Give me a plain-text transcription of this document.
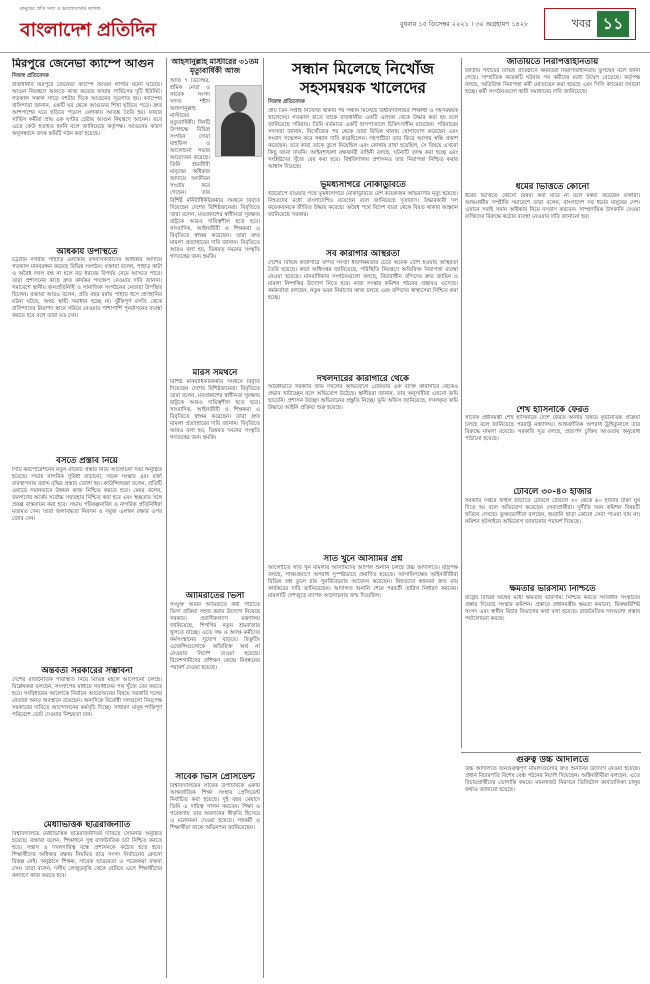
মানুষের প্রতি সত্য ও ভালোবাসার কাগজ
বাংলাদেশ প্রতিদিন	বুধবার ১৫ ডিসেম্বর ২০২১ । ৩০ অগ্রহায়ণ ১৪২৮	খবর ১১
মিরপুরে জেনেভা ক্যাম্পে আগুন
নিজস্ব প্রতিবেদক
রাজধানীর মিরপুরে জেনেভা ক্যাম্পে আগুন লাগার ঘটনা ঘটেছে। আগুন নিয়ন্ত্রণে আনতে কাজ করেছে ফায়ার সার্ভিসের দুটি ইউনিট। গতকাল সকাল সাড়ে দশটার দিকে আগুনের সূত্রপাত হয়। ক্যাম্পের বাসিন্দারা জানান, একটি ঘর থেকে আগুনের শিখা ছড়িয়ে পড়ে। দ্রুত আশপাশের ঘরে ছড়িয়ে পড়লে এলাকায় আতঙ্ক তৈরি হয়। ফায়ার সার্ভিস কর্মীরা প্রায় এক ঘণ্টার চেষ্টায় আগুন নিয়ন্ত্রণে আনেন। তবে এতে কেউ হতাহত হননি বলে জানিয়েছে কর্তৃপক্ষ। আগুনের কারণ অনুসন্ধানে তদন্ত কমিটি গঠন করা হয়েছে।
অধিকার্য উপস্থিতে
চট্টগ্রাম নগরীর পাহাড়ি এলাকায় বসবাসকারীদের অধিকার আদায়ে গতকাল মানববন্ধন করেছে বিভিন্ন সংগঠন। বক্তারা বলেন, পাহাড় কাটা ও অবৈধ দখল বন্ধ না হলে বড় ধরনের বিপর্যয় নেমে আসতে পারে। তারা প্রশাসনের কাছে দ্রুত কার্যকর পদক্ষেপ নেওয়ার দাবি জানান। সমাবেশে স্থানীয় জনপ্রতিনিধি ও সামাজিক সংগঠনের নেতারা উপস্থিত ছিলেন। বক্তারা আরও বলেন, প্রতি বছর বর্ষায় পাহাড় ধসে প্রাণহানির ঘটনা ঘটছে, অথচ স্থায়ী সমাধান হচ্ছে না। ঝুঁকিপূর্ণ বসতি থেকে বাসিন্দাদের নিরাপদ স্থানে সরিয়ে নেওয়ার পাশাপাশি পুনর্বাসনের ব্যবস্থা করতে হবে বলে তারা মত দেন।
বসতে প্রস্তাব নিয়ে
সিটি করপোরেশনের নতুন বাজেট প্রস্তাব নিয়ে আলোচনা সভা অনুষ্ঠিত হয়েছে। সভায় নাগরিক সুবিধা বাড়ানো, সড়ক সংস্কার এবং বর্জ্য ব্যবস্থাপনায় বরাদ্দ বৃদ্ধির প্রস্তাব তোলা হয়। কাউন্সিলররা বলেন, প্রতিটি ওয়ার্ডে সমানভাবে উন্নয়ন কাজ নিশ্চিত করতে হবে। মেয়র বলেন, জনগণের অর্থের সর্বোচ্চ সদ্ব্যবহার নিশ্চিত করা হবে এবং স্বচ্ছতার সঙ্গে প্রকল্প বাস্তবায়ন করা হবে। সভায় পরিকল্পনাবিদ ও নাগরিক প্রতিনিধিরা মতামত দেন। তারা জলাবদ্ধতা নিরসন ও সবুজ এলাকা রক্ষার ওপর জোর দেন।
অন্তর্বর্তী সরকারের সম্ভাবনা
দেশের রাজনৈতিক পরিস্থিতি নিয়ে বিভিন্ন মহলে আলোচনা চলছে। বিশ্লেষকরা বলছেন, সংলাপের মাধ্যমে সমাধানের পথ খুঁজে বের করতে হবে। সংবিধানের আলোকে নির্বাচন আয়োজনের বিষয়ে সরকারি দলের নেতারা অনড় অবস্থানে রয়েছেন। অন্যদিকে বিরোধী দলগুলো নিরপেক্ষ সরকারের দাবিতে আন্দোলনের কর্মসূচি দিচ্ছে। সাধারণ মানুষ শান্তিপূর্ণ পরিবেশে ভোট দেওয়ার নিশ্চয়তা চান।
মেধাভিত্তিক ছাত্ররাজনীতি
বিশ্ববিদ্যালয়ে মেধাভিত্তিক ছাত্ররাজনীতির দাবিতে সেমিনার অনুষ্ঠিত হয়েছে। বক্তারা বলেন, শিক্ষাঙ্গনে সুস্থ রাজনৈতিক চর্চা নিশ্চিত করতে হবে। সন্ত্রাস ও দখলদারিত্ব বন্ধে প্রশাসনকে কঠোর হতে হবে। শিক্ষার্থীদের অধিকার রক্ষায় নিয়মিত ছাত্র সংসদ নির্বাচনের কোনো বিকল্প নেই। অনুষ্ঠানে শিক্ষক, সাবেক ছাত্রনেতা ও গবেষকরা বক্তব্য দেন। তারা বলেন, দলীয় লেজুড়বৃত্তি থেকে বেরিয়ে এসে শিক্ষার্থীদের কল্যাণে কাজ করতে হবে।
আহসানুল্লাহ মাস্টারের ৩১তম মৃত্যুবার্ষিকী আজ
আজ ৭ ডিসেম্বর, শ্রমিক নেতা ও সাবেক সংসদ সদস্য শহীদ আহসানুল্লাহ মাস্টারের মৃত্যুবার্ষিকী। দিনটি উপলক্ষে বিভিন্ন সংগঠন দোয়া মাহফিল ও আলোচনা সভার আয়োজন করেছে। তিনি শ্রমজীবী মানুষের অধিকার আদায়ে আজীবন সংগ্রাম করে গেছেন। তার
বিশিষ্ট মানবাধিকারকর্মীর সমর্থনে বিবৃতি দিয়েছেন দেশের বিশিষ্টজনেরা। বিবৃতিতে তারা বলেন, মতপ্রকাশের স্বাধীনতা সুরক্ষায় রাষ্ট্রকে আরও দায়িত্বশীল হতে হবে। সাংবাদিক, আইনজীবী ও শিক্ষকরা এ বিবৃতিতে স্বাক্ষর করেছেন। তারা দ্রুত মামলা প্রত্যাহারের দাবি জানান। বিবৃতিতে আরও বলা হয়, ভিন্নমত দমনের সংস্কৃতি গণতন্ত্রের জন্য হুমকি।
মরিস সমর্থনে
বিশিষ্ট মানবাধিকারকর্মীর সমর্থনে বিবৃতি দিয়েছেন দেশের বিশিষ্টজনেরা। বিবৃতিতে তারা বলেন, মতপ্রকাশের স্বাধীনতা সুরক্ষায় রাষ্ট্রকে আরও দায়িত্বশীল হতে হবে। সাংবাদিক, আইনজীবী ও শিক্ষকরা এ বিবৃতিতে স্বাক্ষর করেছেন। তারা দ্রুত মামলা প্রত্যাহারের দাবি জানান। বিবৃতিতে আরও বলা হয়, ভিন্নমত দমনের সংস্কৃতি গণতন্ত্রের জন্য হুমকি।
আমিরাতের ভিসা
সংযুক্ত আরব আমিরাতে কর্মী পাঠাতে ভিসা প্রক্রিয়া সহজ করার উদ্যোগ নিয়েছে সরকার। প্রবাসীকল্যাণ মন্ত্রণালয় জানিয়েছে, শিগগির নতুন শ্রমবাজার খুলতে যাচ্ছে। এতে দক্ষ ও অদক্ষ কর্মীদের কর্মসংস্থানের সুযোগ বাড়বে। রিক্রুটিং এজেন্সিগুলোকে অতিরিক্ত অর্থ না নেওয়ার নির্দেশ দেওয়া হয়েছে। বিদেশগামীদের প্রশিক্ষণ কেন্দ্রে নিবন্ধনের পরামর্শ দেওয়া হয়েছে।
সাবেক ভিসি প্রেসিডেন্ট
বিশ্ববিদ্যালয়ের সাবেক উপাচার্যকে একটি আন্তর্জাতিক শিক্ষা সংস্থার প্রেসিডেন্ট নির্বাচিত করা হয়েছে। দুই বছর মেয়াদে তিনি এ দায়িত্ব পালন করবেন। শিক্ষা ও গবেষণায় তার অবদানের স্বীকৃতি হিসেবে এ মনোনয়ন দেওয়া হয়েছে। সহকর্মী ও শিক্ষার্থীরা তাকে অভিনন্দন জানিয়েছেন।
সন্ধান মিলেছে নিখোঁজ সহসমন্বয়ক খালেদের
নিজস্ব প্রতিবেদক
প্রায় তিন সপ্তাহ নিখোঁজ থাকার পর সন্ধান মিলেছে বিশ্ববিদ্যালয়ের শিক্ষার্থী ও সহসমন্বয়ক খালেদের। গতকাল রাতে তাকে রাজধানীর একটি এলাকা থেকে উদ্ধার করা হয় বলে জানিয়েছে পরিবার। তিনি বর্তমানে একটি হাসপাতালে চিকিৎসাধীন রয়েছেন। পরিবারের সদস্যরা জানান, নিখোঁজের পর থেকে তারা বিভিন্ন থানায় যোগাযোগ করেছেন এবং সংবাদ সম্মেলন করে সন্ধান দাবি করেছিলেন। সহপাঠীরা তার ফিরে আসায় স্বস্তি প্রকাশ করেছেন। তবে কারা তাকে তুলে নিয়েছিল এবং কোথায় রাখা হয়েছিল, সে বিষয়ে এখনো কিছু জানা যায়নি। আইনশৃঙ্খলা রক্ষাকারী বাহিনী বলছে, ঘটনাটি তদন্ত করা হচ্ছে এবং সংশ্লিষ্টদের খুঁজে বের করা হবে। বিশ্ববিদ্যালয় প্রশাসনও তার নিরাপত্তা নিশ্চিত করার আশ্বাস দিয়েছে।
ভূমধ্যসাগরে নৌকাডুবিতে
ইউরোপে যাওয়ার পথে ভূমধ্যসাগরে নৌকাডুবিতে বেশ কয়েকজন অভিবাসীর মৃত্যু হয়েছে। নিহতদের মধ্যে বাংলাদেশিও রয়েছেন বলে জানিয়েছে দূতাবাস। উদ্ধারকারী দল কয়েকজনকে জীবিত উদ্ধার করেছে। অবৈধ পথে বিদেশ যাত্রা থেকে বিরত থাকার আহ্বান জানিয়েছে সরকার।
সব কারাগার অস্থিরতা
দেশের বিভিন্ন কারাগারে বন্দির সংখ্যা ধারণক্ষমতার চেয়ে অনেক বেশি হওয়ায় অস্থিরতা তৈরি হয়েছে। কারা অধিদপ্তর জানিয়েছে, পরিস্থিতি নিয়ন্ত্রণে অতিরিক্ত নিরাপত্তা ব্যবস্থা নেওয়া হয়েছে। মানবাধিকার সংগঠনগুলো বলছে, বিচারাধীন বন্দিদের দ্রুত জামিন ও মামলা নিষ্পত্তির উদ্যোগ নিতে হবে। কারা সংস্কার কমিশন গঠনের প্রস্তাবও এসেছে। কর্মকর্তারা বলছেন, নতুন ভবন নির্মাণের কাজ চলছে এবং বন্দিদের স্বাস্থ্যসেবা নিশ্চিত করা হচ্ছে।
দখলদারের কারাগারে থেকে
অবৈধভাবে সরকারি জমি দখলের অভিযোগে গ্রেফতার এক ব্যক্তি কারাগারে থেকেও প্রভাব খাটাচ্ছেন বলে অভিযোগ উঠেছে। স্থানীয়রা জানান, তার অনুসারীরা এখনো জমি ছাড়েনি। প্রশাসন উচ্ছেদ অভিযানের প্রস্তুতি নিচ্ছে। ভূমি অফিস জানিয়েছে, দখলকৃত জমি উদ্ধারে আইনি প্রক্রিয়া শুরু হয়েছে।
সাত খুনে আসামির প্রশ্ন
আলোচিত সাত খুন মামলার আসামিদের আপিল শুনানি চলছে উচ্চ আদালতে। রাষ্ট্রপক্ষ বলছে, সাক্ষ্যপ্রমাণে অপরাধ সুস্পষ্টভাবে প্রমাণিত হয়েছে। আসামিপক্ষের আইনজীবীরা বিভিন্ন প্রশ্ন তুলে রায় পুনর্বিবেচনার আবেদন করেছেন। নিহতদের স্বজনরা দ্রুত রায় কার্যকরের দাবি জানিয়েছেন। আদালত শুনানি শেষে পরবর্তী তারিখ নির্ধারণ করবেন। মামলাটি দেশজুড়ে ব্যাপক আলোচনার জন্ম দিয়েছিল।
জাতীয়তে নিরাপত্তাহীনতায়
জাতীয় পর্যায়ের বিভিন্ন প্রতিষ্ঠানে কর্মরতরা নিরাপত্তাহীনতায় ভুগছেন বলে জানা গেছে। সাম্প্রতিক কয়েকটি ঘটনার পর কর্মীদের মধ্যে উদ্বেগ বেড়েছে। কর্তৃপক্ষ বলছে, অতিরিক্ত নিরাপত্তা কর্মী মোতায়েন করা হয়েছে এবং সিসি ক্যামেরা বসানো হচ্ছে। কর্মী সংগঠনগুলো স্থায়ী সমাধানের দাবি জানিয়েছে।
ধর্মের ভিত্তিতে কোনো
ধর্মের ভিত্তিতে কোনো বৈষম্য করা যাবে না বলে মন্তব্য করেছেন বক্তারা। আন্তঃধর্মীয় সম্প্রীতি সমাবেশে তারা বলেন, বাংলাদেশ সব ধর্মের মানুষের দেশ। এখানে সবাই সমান অধিকার নিয়ে বসবাস করবেন। সাম্প্রদায়িক উসকানি দেওয়া ব্যক্তিদের বিরুদ্ধে কঠোর ব্যবস্থা নেওয়ার দাবি জানানো হয়।
শেখ হাসিনাকে ফেরত
সাবেক প্রধানমন্ত্রী শেখ হাসিনাকে দেশে ফেরত আনার বিষয়ে কূটনৈতিক প্রক্রিয়া চলছে বলে জানিয়েছে পররাষ্ট্র মন্ত্রণালয়। আন্তর্জাতিক অপরাধ ট্রাইব্যুনালে তার বিরুদ্ধে মামলা রয়েছে। সরকারি সূত্র বলছে, প্রত্যর্পণ চুক্তির আওতায় অনুরোধ পাঠানো হয়েছে।
টেবিলে ৩০-৪০ হাজার
সরকারি দপ্তরে ফাইল ছাড়াতে টেবিলে টেবিলে ৩০ থেকে ৪০ হাজার টাকা ঘুষ দিতে হয় বলে অভিযোগ করেছেন সেবাপ্রার্থীরা। দুর্নীতি দমন কমিশন বিষয়টি খতিয়ে দেখছে। ভুক্তভোগীরা বলছেন, হয়রানি ছাড়া কোনো সেবা পাওয়া যায় না। কমিশন হটলাইনে অভিযোগ জানানোর পরামর্শ দিয়েছে।
ক্ষমতার ভারসাম্য নিশ্চিতে
রাষ্ট্রের বিভিন্ন অঙ্গের মধ্যে ক্ষমতার ভারসাম্য নিশ্চিত করতে সংবিধান সংস্কারের প্রস্তাব দিয়েছে সংস্কার কমিশন। প্রস্তাবে প্রধানমন্ত্রীর ক্ষমতা কমানো, দ্বিকক্ষবিশিষ্ট সংসদ এবং স্বাধীন বিচার বিভাগের কথা বলা হয়েছে। রাজনৈতিক দলগুলো প্রস্তাব পর্যালোচনা করছে।
গুরুত্ব উচ্চ আদালতে
উচ্চ আদালতে জনগুরুত্বপূর্ণ মামলাগুলোর দ্রুত শুনানির উদ্যোগ নেওয়া হয়েছে। প্রধান বিচারপতি বিশেষ বেঞ্চ গঠনের নির্দেশ দিয়েছেন। আইনজীবীরা বলছেন, এতে বিচারপ্রার্থীদের ভোগান্তি কমবে। মামলাজট নিরসনে ডিজিটাল কার্যতালিকা চালুর কথাও জানানো হয়েছে।
